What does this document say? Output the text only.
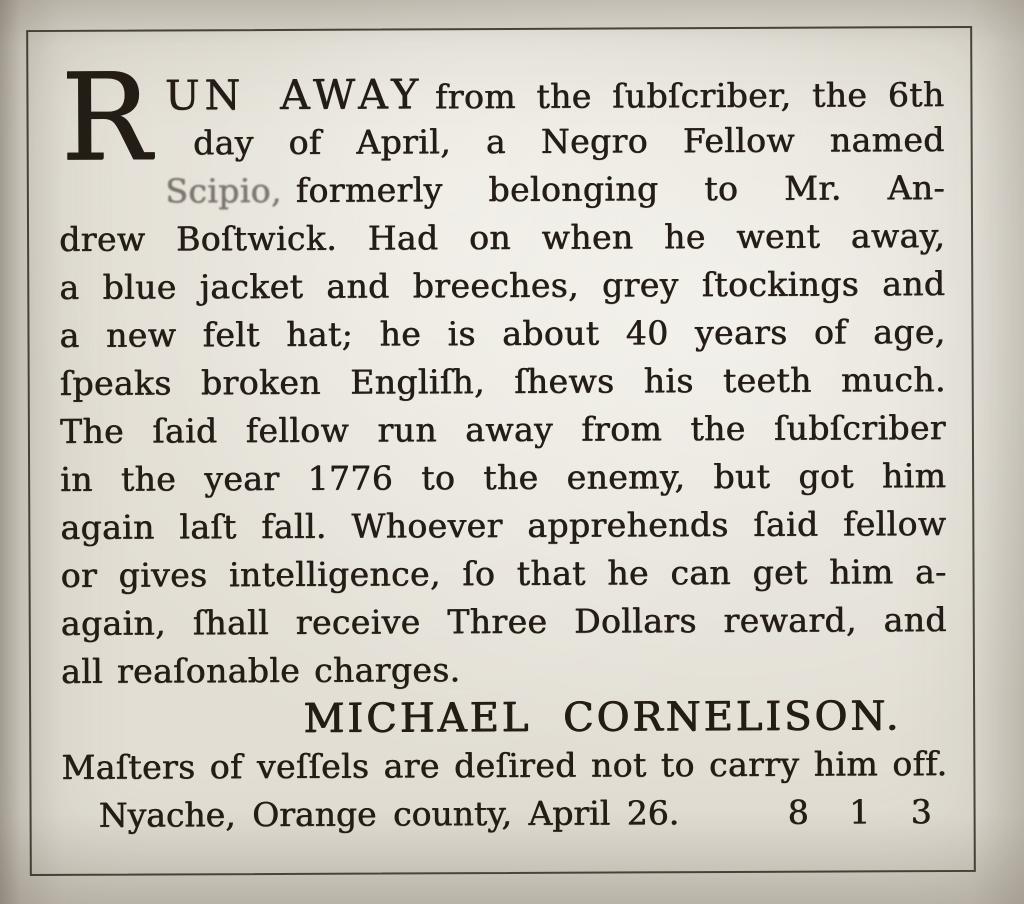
R UN AWAY from the ſubſcriber, the 6th
day of April, a Negro Fellow named
Scipio, formerly belonging to Mr. An-
drew Boſtwick. Had on when he went away,
a blue jacket and breeches, grey ſtockings and
a new felt hat; he is about 40 years of age,
ſpeaks broken Engliſh, ſhews his teeth much.
The ſaid fellow run away from the ſubſcriber
in the year 1776 to the enemy, but got him
again laſt fall. Whoever apprehends ſaid fellow
or gives intelligence, ſo that he can get him a-
again, ſhall receive Three Dollars reward, and
all reaſonable charges.
MICHAEL CORNELISON.
Maſters of veſſels are deſired not to carry him off.
Nyache, Orange county, April 26.	8 1 3
